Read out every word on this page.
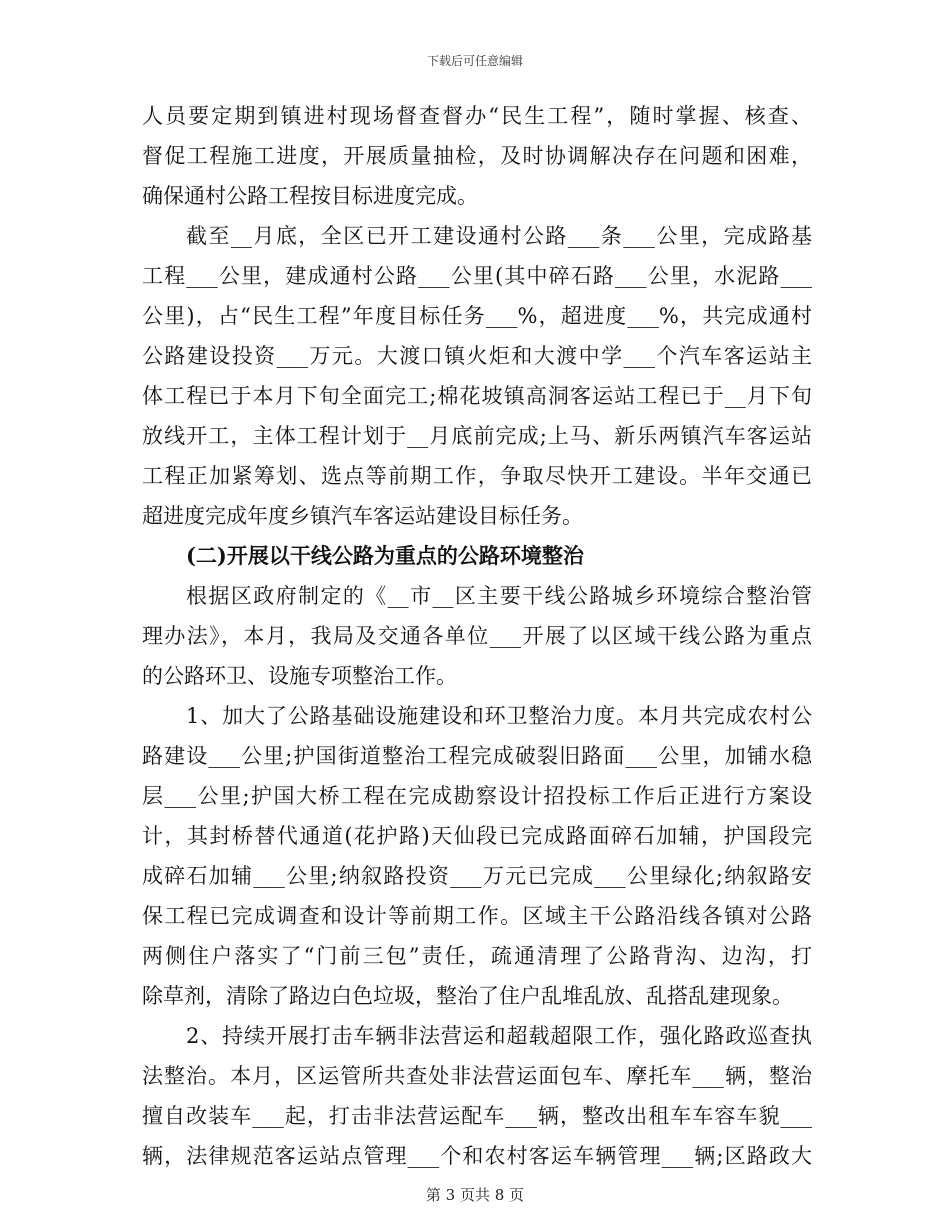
下载后可任意编辑
人员要定期到镇进村现场督查督办“民生工程”，随时掌握、核查、
督促工程施工进度，开展质量抽检，及时协调解决存在问题和困难，
确保通村公路工程按目标进度完成。
截至__月底，全区已开工建设通村公路___条___公里，完成路基
工程___公里，建成通村公路___公里(其中碎石路___公里，水泥路___
公里)，占“民生工程”年度目标任务___%，超进度___%，共完成通村
公路建设投资___万元。大渡口镇火炬和大渡中学___个汽车客运站主
体工程已于本月下旬全面完工;棉花坡镇高洞客运站工程已于__月下旬
放线开工，主体工程计划于__月底前完成;上马、新乐两镇汽车客运站
工程正加紧筹划、选点等前期工作，争取尽快开工建设。半年交通已
超进度完成年度乡镇汽车客运站建设目标任务。
(二)开展以干线公路为重点的公路环境整治
根据区政府制定的《__市__区主要干线公路城乡环境综合整治管
理办法》，本月，我局及交通各单位___开展了以区域干线公路为重点
的公路环卫、设施专项整治工作。
1、加大了公路基础设施建设和环卫整治力度。本月共完成农村公
路建设___公里;护国街道整治工程完成破裂旧路面___公里，加铺水稳
层___公里;护国大桥工程在完成勘察设计招投标工作后正进行方案设
计，其封桥替代通道(花护路)天仙段已完成路面碎石加辅，护国段完
成碎石加辅___公里;纳叙路投资___万元已完成___公里绿化;纳叙路安
保工程已完成调查和设计等前期工作。区域主干公路沿线各镇对公路
两侧住户落实了“门前三包”责任，疏通清理了公路背沟、边沟，打
除草剂，清除了路边白色垃圾，整治了住户乱堆乱放、乱搭乱建现象。
2、持续开展打击车辆非法营运和超载超限工作，强化路政巡查执
法整治。本月，区运管所共查处非法营运面包车、摩托车___辆，整治
擅自改装车___起，打击非法营运配车___辆，整改出租车车容车貌___
辆，法律规范客运站点管理___个和农村客运车辆管理___辆;区路政大
第 3 页共 8 页
